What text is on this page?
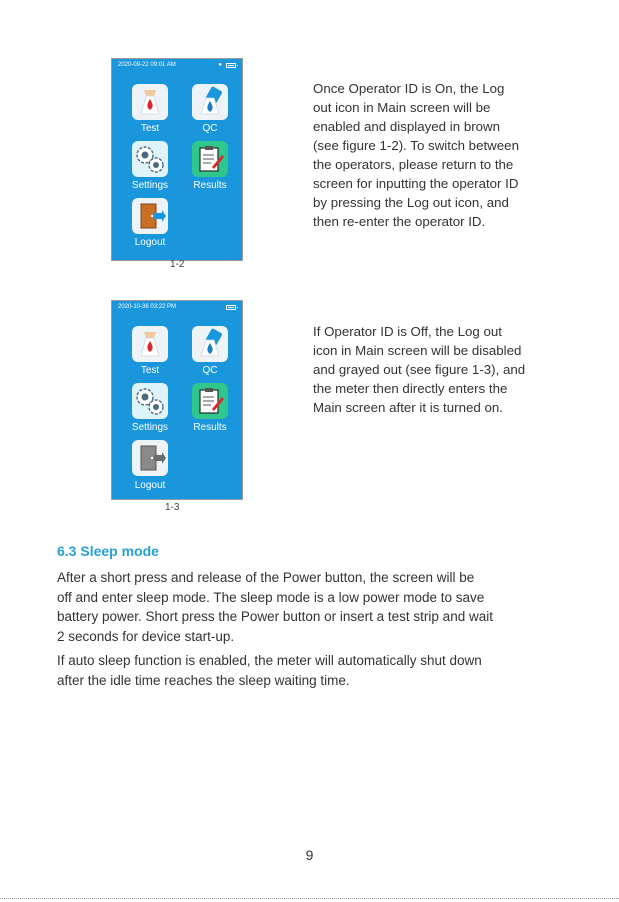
2020-09-22 09:01 AM	●
Test	QC
Settings	Results
Logout
1-2
Once Operator ID is On, the Log
out icon in Main screen will be
enabled and displayed in brown
(see figure 1-2). To switch between
the operators, please return to the
screen for inputting the operator ID
by pressing the Log out icon, and
then re-enter the operator ID.
2020-10-36 03:22 PM
Test	QC
Settings	Results
Logout
1-3
If Operator ID is Off, the Log out
icon in Main screen will be disabled
and grayed out (see figure 1-3), and
the meter then directly enters the
Main screen after it is turned on.
6.3 Sleep mode
After a short press and release of the Power button, the screen will be
off and enter sleep mode. The sleep mode is a low power mode to save
battery power. Short press the Power button or insert a test strip and wait
2 seconds for device start-up.
If auto sleep function is enabled, the meter will automatically shut down
after the idle time reaches the sleep waiting time.
9
